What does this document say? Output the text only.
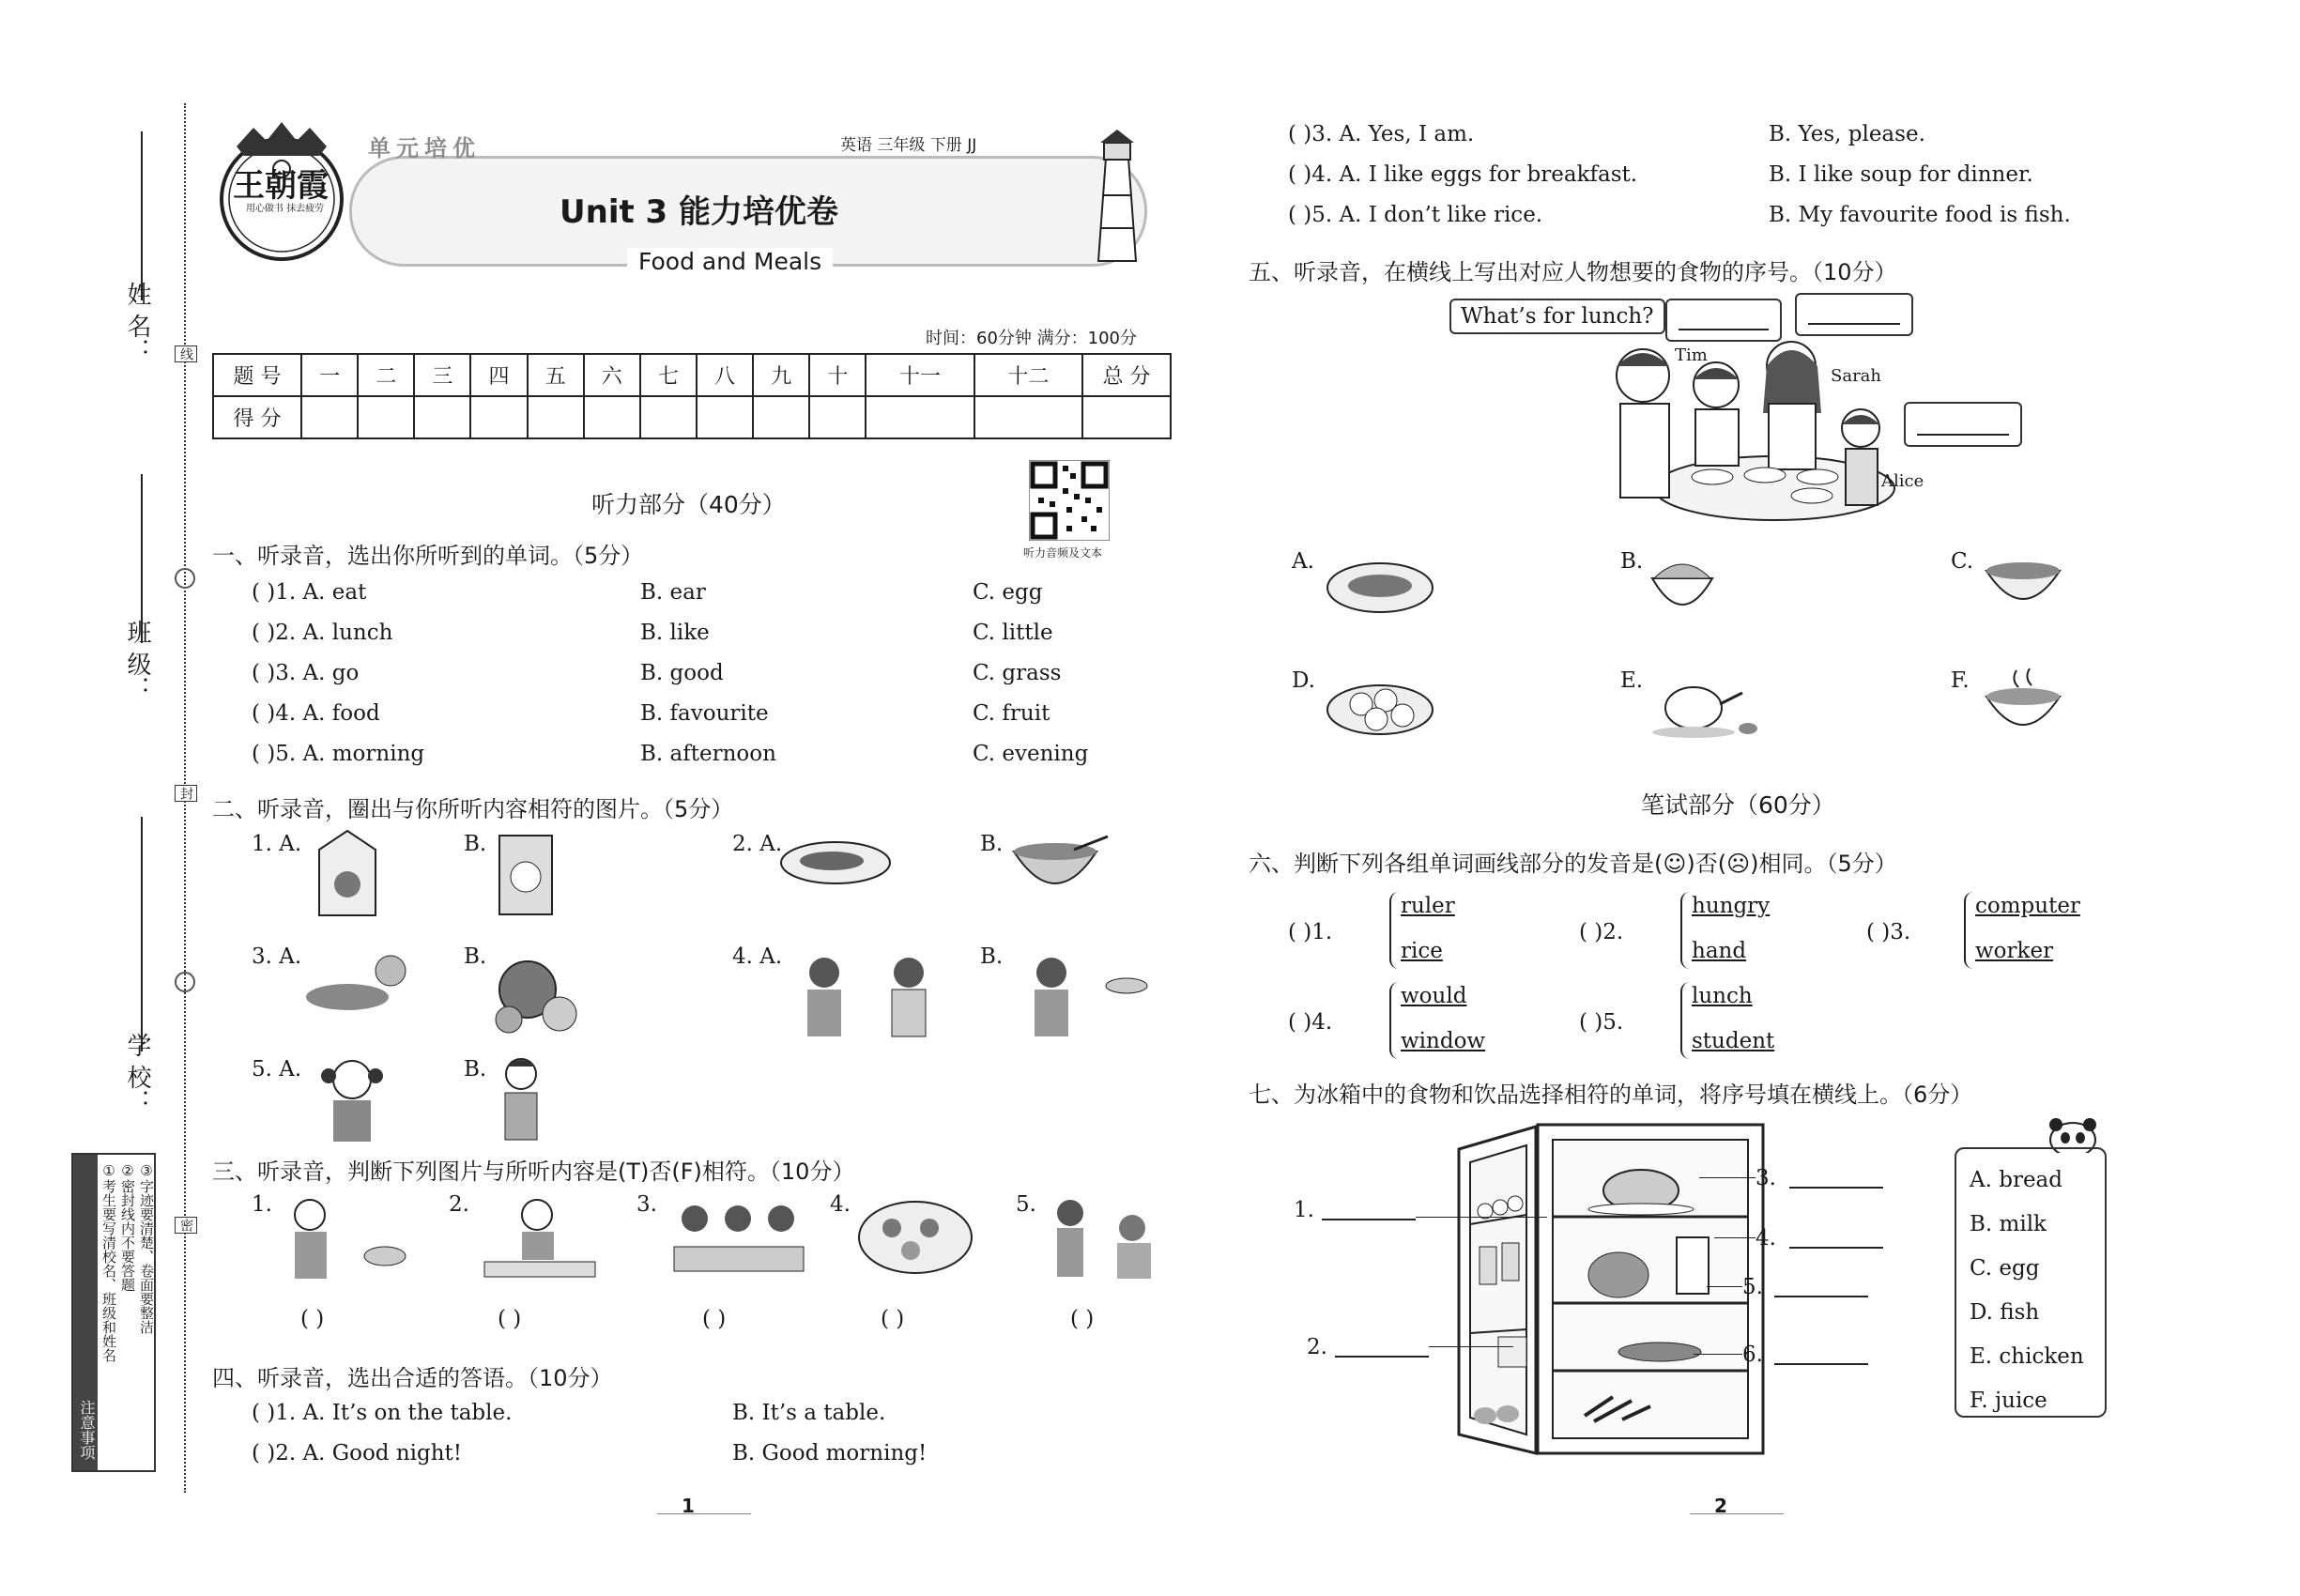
姓 名：
班 级：
学 校：
线
封
密
注意事项
①考生要写清校名、班级和姓名 ②密封线内不要答题 ③字迹要清楚、卷面要整洁
王朝霞
用心做书 抹去疲劳
单元培优	英语 三年级 下册 JJ
Unit 3 能力培优卷
Food and Meals
时间：60分钟 满分：100分
题 号	一	二	三	四	五	六	七	八	九	十	十一	十二	总 分
得 分													
听力部分（40分）
听力音频及文本
一、听录音，选出你所听到的单词。（5分）
( )1. A. eat	B. ear	C. egg
( )2. A. lunch	B. like	C. little
( )3. A. go	B. good	C. grass
( )4. A. food	B. favourite	C. fruit
( )5. A. morning	B. afternoon	C. evening
二、听录音，圈出与你所听内容相符的图片。（5分）
1. A.	B.	2. A.	B.
3. A.	B.	4. A.	B.
5. A.	B.
三、听录音，判断下列图片与所听内容是(T)否(F)相符。（10分）
1.
( )
2.
( )
3.
( )
4.
( )
5.
( )
四、听录音，选出合适的答语。（10分）
( )1. A. It’s on the table.	B. It’s a table.
( )2. A. Good night!	B. Good morning!
( )3. A. Yes, I am.	B. Yes, please.
( )4. A. I like eggs for breakfast.	B. I like soup for dinner.
( )5. A. I don’t like rice.	B. My favourite food is fish.
1
五、听录音，在横线上写出对应人物想要的食物的序号。（10分）
What’s for lunch?
Tim
Sarah
Alice
A.	B.	C.
D.	E.	F.
笔试部分（60分）
六、判断下列各组单词画线部分的发音是(☺)否(☹)相同。（5分）
( )1.
ruler
rice
( )2.
hungry
hand
( )3.
computer
worker
( )4.
would
window
( )5.
lunch
student
七、为冰箱中的食物和饮品选择相符的单词，将序号填在横线上。（6分）
1.
2.
3.
4.
5.
6.
A. bread
B. milk
C. egg
D. fish
E. chicken
F. juice
2
